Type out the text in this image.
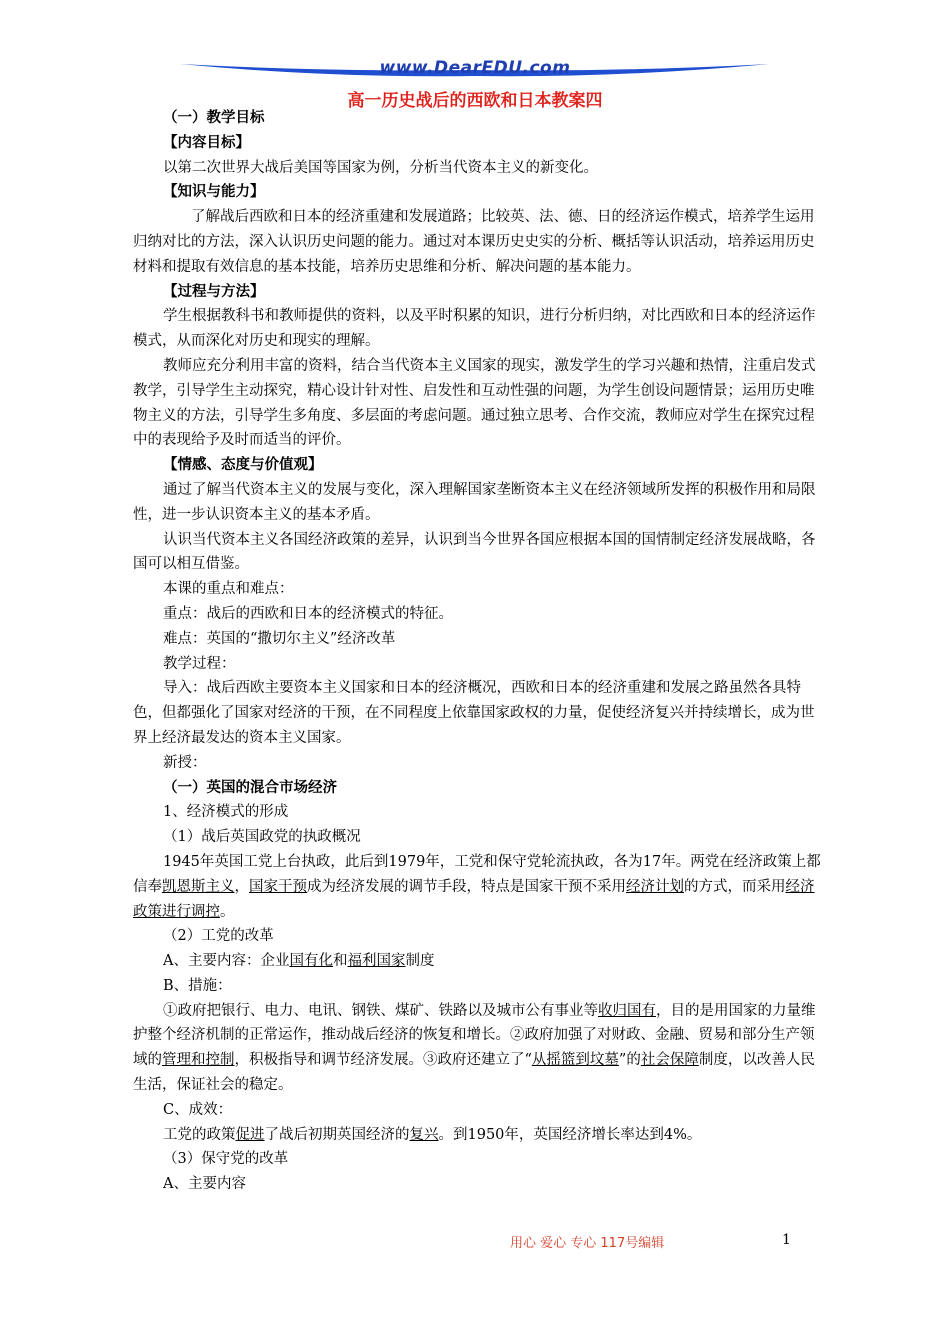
www.DearEDU.com
高一历史战后的西欧和日本教案四

（一）教学目标

【内容目标】

以第二次世界大战后美国等国家为例，分析当代资本主义的新变化。

【知识与能力】

了解战后西欧和日本的经济重建和发展道路；比较英、法、德、日的经济运作模式，培养学生运用归纳对比的方法，深入认识历史问题的能力。通过对本课历史史实的分析、概括等认识活动，培养运用历史材料和提取有效信息的基本技能，培养历史思维和分析、解决问题的基本能力。

【过程与方法】

学生根据教科书和教师提供的资料，以及平时积累的知识，进行分析归纳，对比西欧和日本的经济运作模式，从而深化对历史和现实的理解。

教师应充分利用丰富的资料，结合当代资本主义国家的现实，激发学生的学习兴趣和热情，注重启发式教学，引导学生主动探究，精心设计针对性、启发性和互动性强的问题，为学生创设问题情景；运用历史唯物主义的方法，引导学生多角度、多层面的考虑问题。通过独立思考、合作交流，教师应对学生在探究过程中的表现给予及时而适当的评价。

【情感、态度与价值观】

通过了解当代资本主义的发展与变化，深入理解国家垄断资本主义在经济领域所发挥的积极作用和局限性，进一步认识资本主义的基本矛盾。

认识当代资本主义各国经济政策的差异，认识到当今世界各国应根据本国的国情制定经济发展战略，各国可以相互借鉴。

本课的重点和难点：

重点：战后的西欧和日本的经济模式的特征。

难点：英国的“撒切尔主义”经济改革

教学过程：

导入：战后西欧主要资本主义国家和日本的经济概况，西欧和日本的经济重建和发展之路虽然各具特色，但都强化了国家对经济的干预，在不同程度上依靠国家政权的力量，促使经济复兴并持续增长，成为世界上经济最发达的资本主义国家。

新授：

（一）英国的混合市场经济

1、经济模式的形成

（1）战后英国政党的执政概况

1945年英国工党上台执政，此后到1979年，工党和保守党轮流执政，各为17年。两党在经济政策上都信奉凯恩斯主义，国家干预成为经济发展的调节手段，特点是国家干预不采用经济计划的方式，而采用经济政策进行调控。

（2）工党的改革

A、主要内容：企业国有化和福利国家制度

B、措施：

①政府把银行、电力、电讯、钢铁、煤矿、铁路以及城市公有事业等收归国有，目的是用国家的力量维护整个经济机制的正常运作，推动战后经济的恢复和增长。②政府加强了对财政、金融、贸易和部分生产领域的管理和控制，积极指导和调节经济发展。③政府还建立了“从摇篮到坟墓”的社会保障制度，以改善人民生活，保证社会的稳定。

C、成效：

工党的政策促进了战后初期英国经济的复兴。到1950年，英国经济增长率达到4%。

（3）保守党的改革

A、主要内容

用心 爱心 专心 117号编辑	1
